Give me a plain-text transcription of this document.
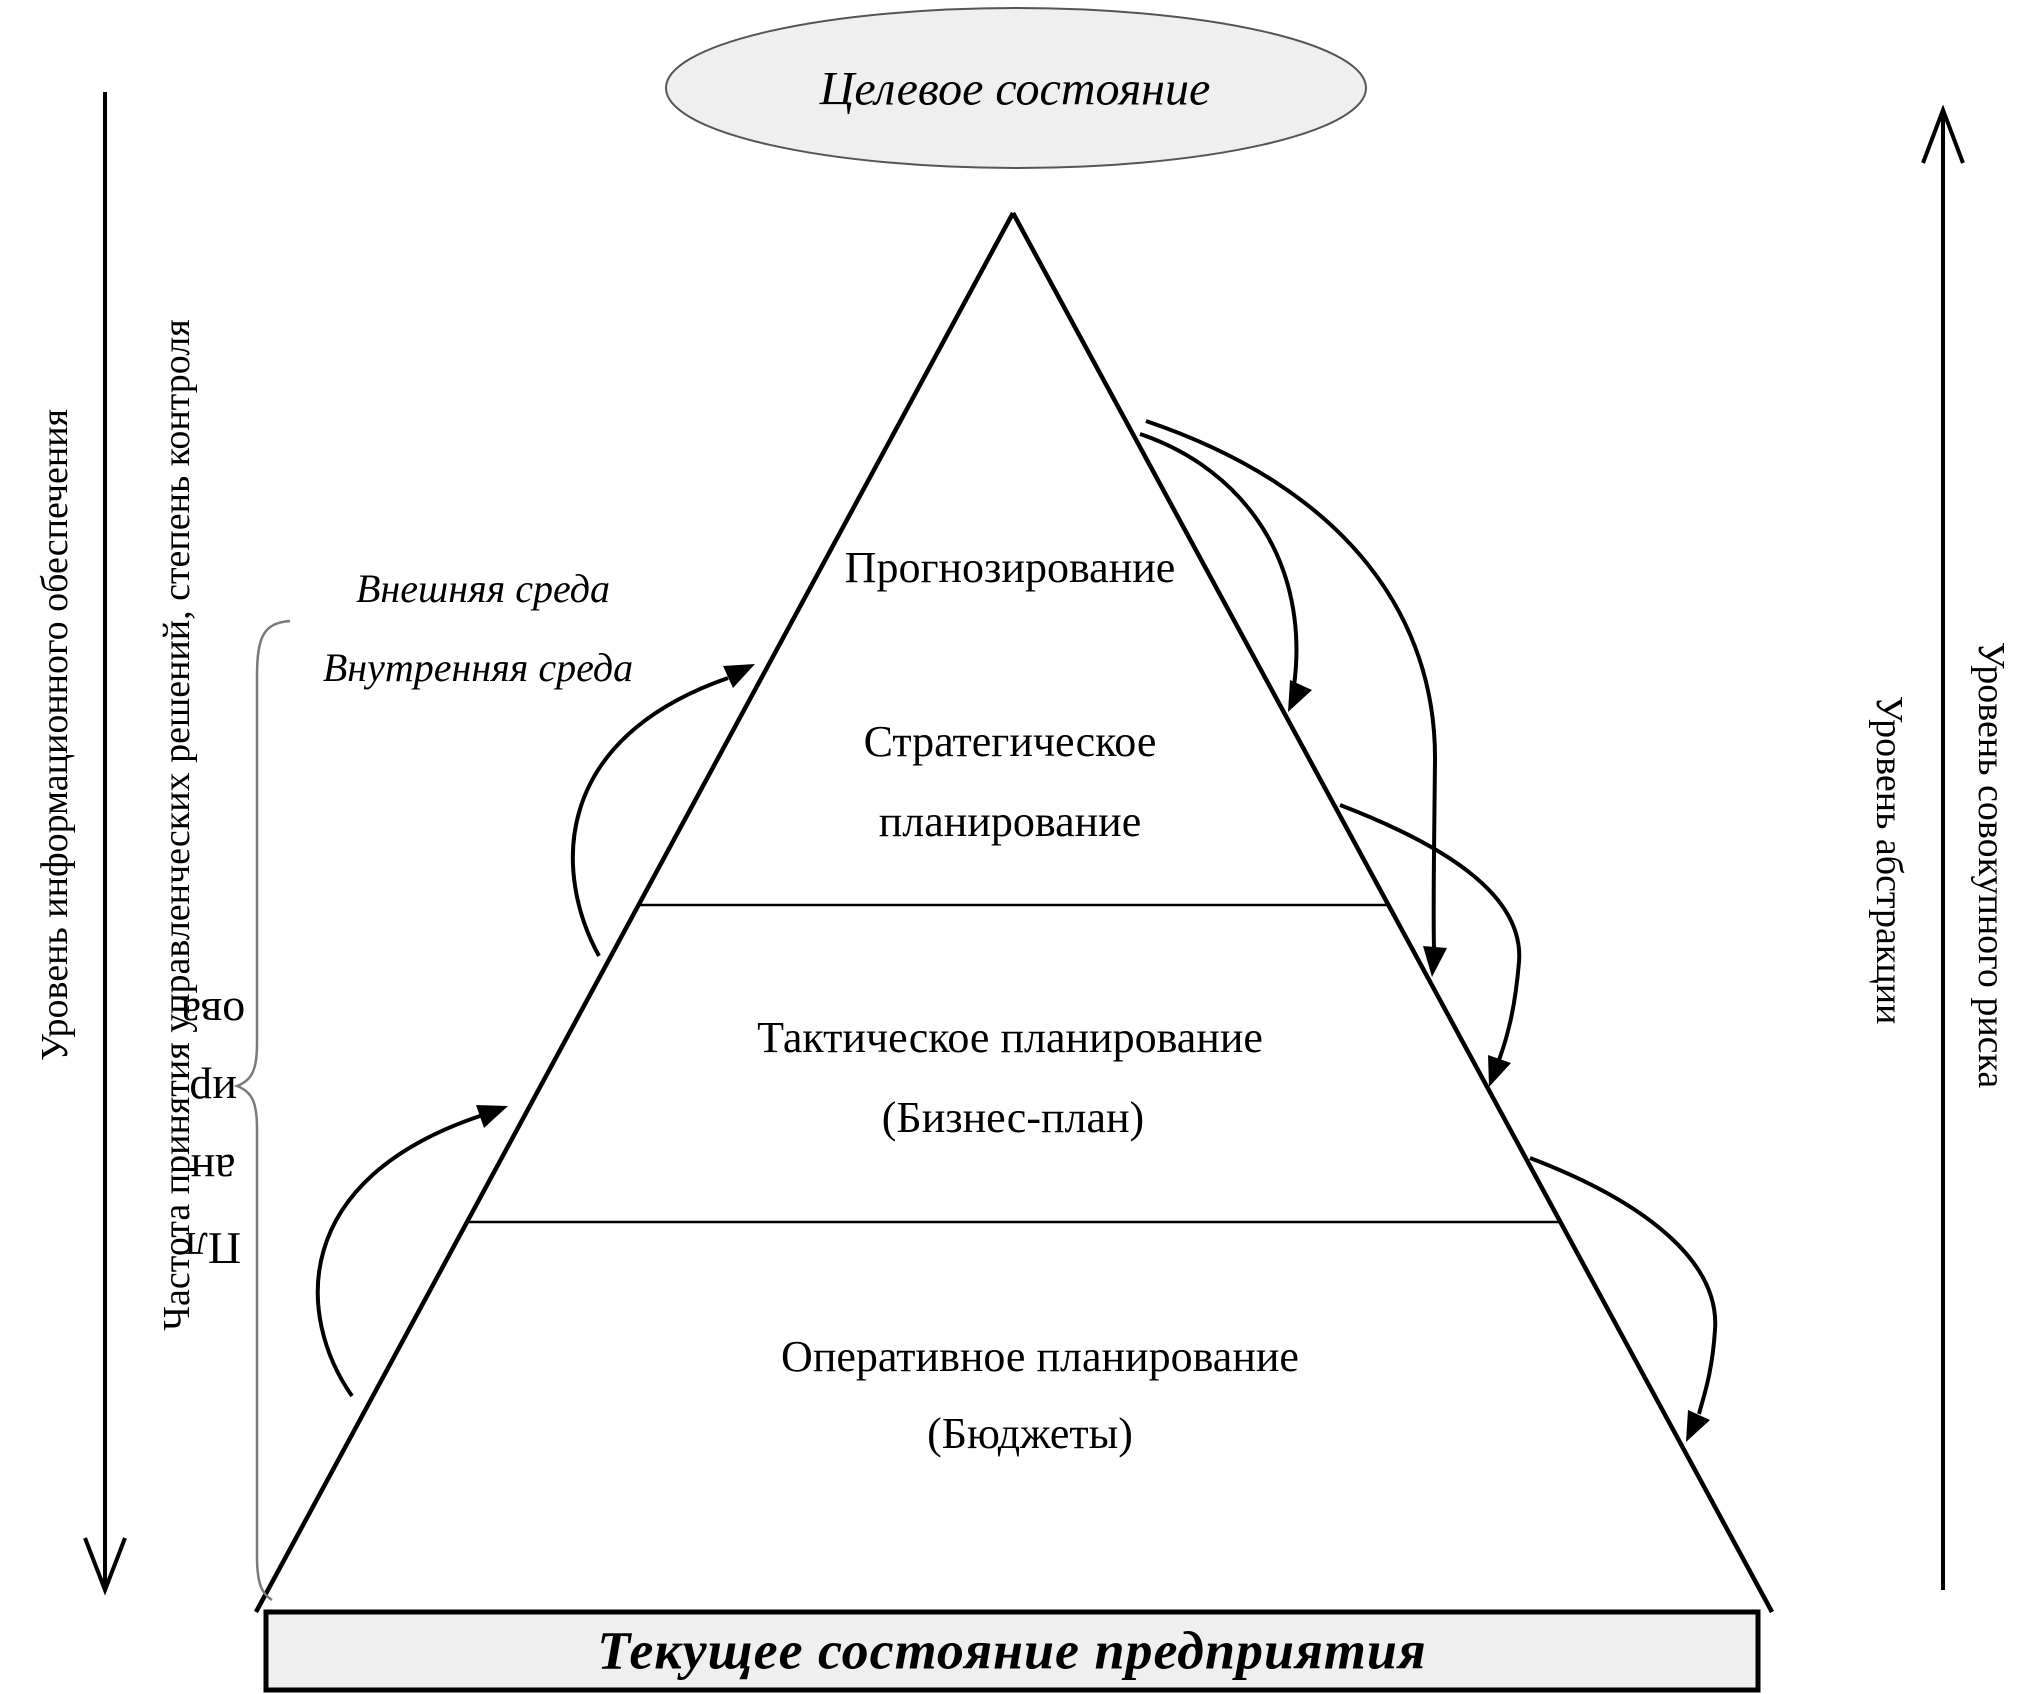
Целевое состояние
Прогнозирование
Стратегическое
планирование
Тактическое планирование
(Бизнес-план)
Оперативное планирование
(Бюджеты)
Текущее состояние предприятия
Внешняя среда
Внутренняя среда
Уровень информационного обеспечения Частота принятия управленческих решений, степень контроля	Уровень абстракции Уровень совокупного риска
Пл
ан
ир
ова
